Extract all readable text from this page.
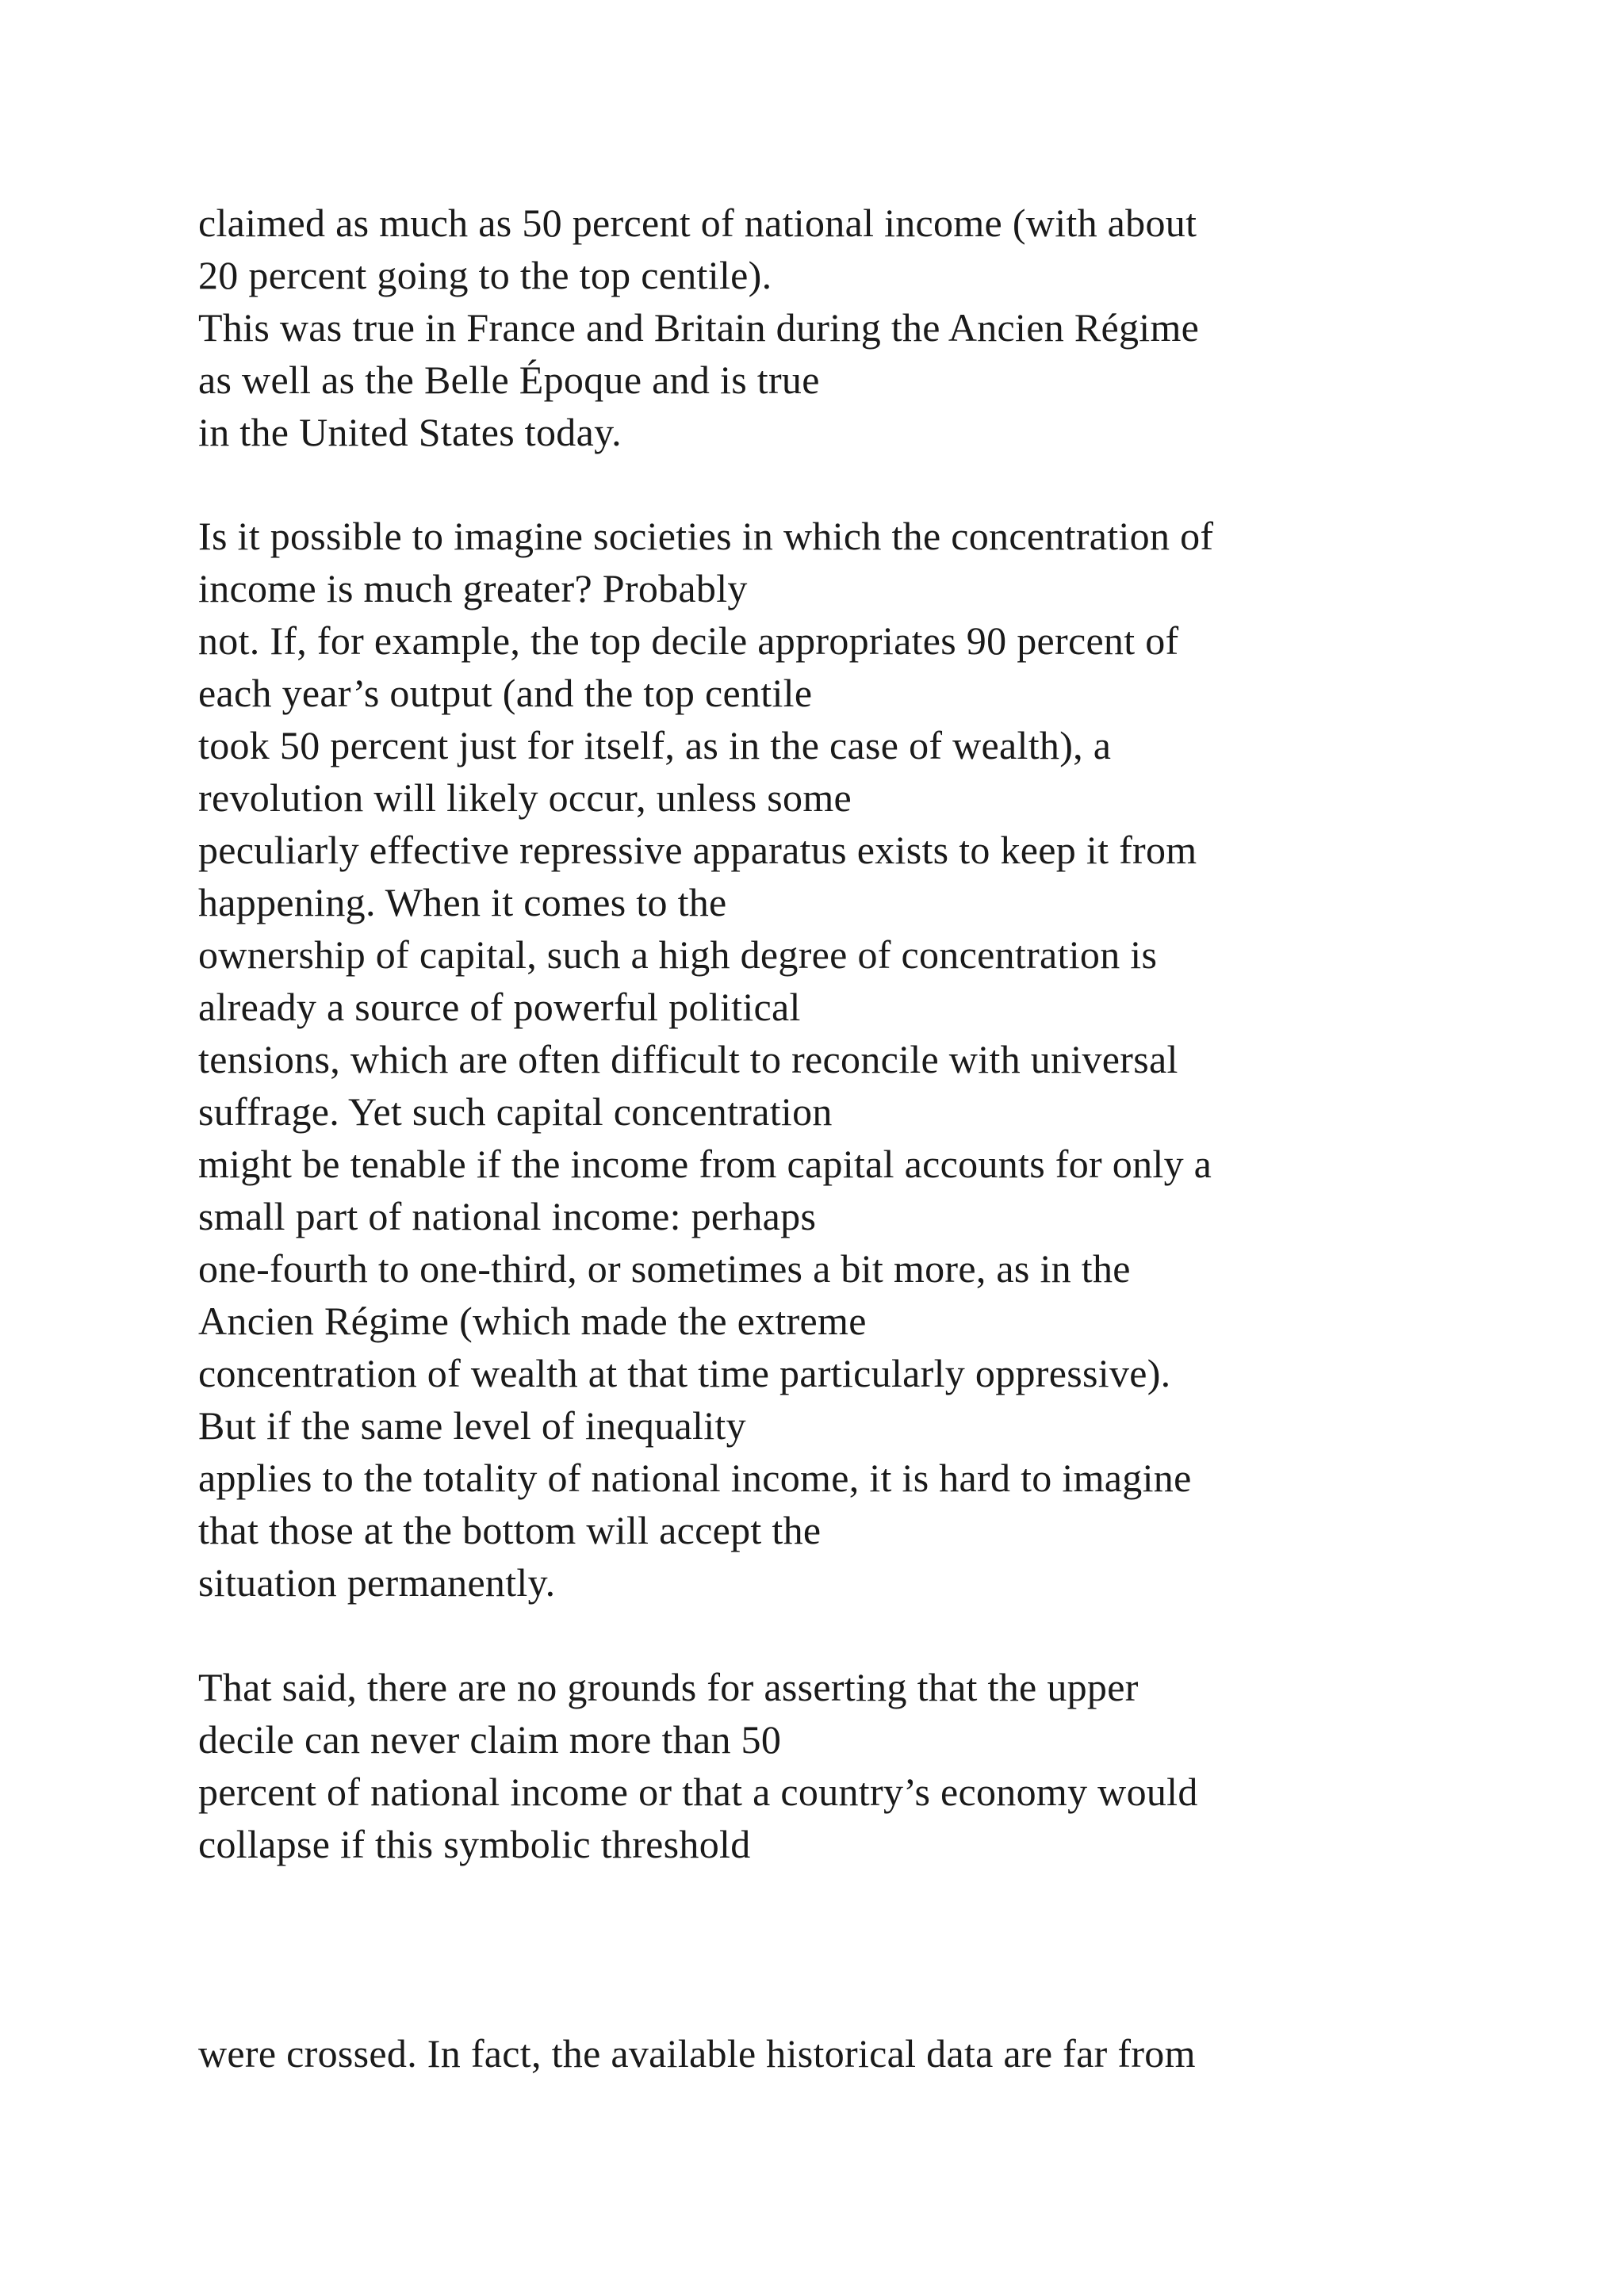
claimed as much as 50 percent of national income (with about
20 percent going to the top centile).
This was true in France and Britain during the Ancien Régime
as well as the Belle Époque and is true
in the United States today.
Is it possible to imagine societies in which the concentration of
income is much greater? Probably
not. If, for example, the top decile appropriates 90 percent of
each year’s output (and the top centile
took 50 percent just for itself, as in the case of wealth), a
revolution will likely occur, unless some
peculiarly effective repressive apparatus exists to keep it from
happening. When it comes to the
ownership of capital, such a high degree of concentration is
already a source of powerful political
tensions, which are often difficult to reconcile with universal
suffrage. Yet such capital concentration
might be tenable if the income from capital accounts for only a
small part of national income: perhaps
one-fourth to one-third, or sometimes a bit more, as in the
Ancien Régime (which made the extreme
concentration of wealth at that time particularly oppressive).
But if the same level of inequality
applies to the totality of national income, it is hard to imagine
that those at the bottom will accept the
situation permanently.
That said, there are no grounds for asserting that the upper
decile can never claim more than 50
percent of national income or that a country’s economy would
collapse if this symbolic threshold
were crossed. In fact, the available historical data are far from
